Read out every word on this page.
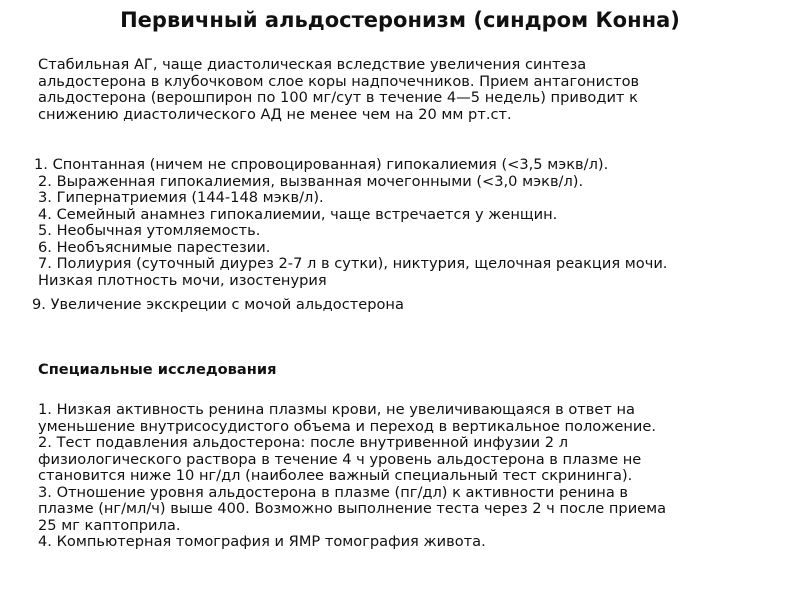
Первичный альдостеронизм (синдром Конна)
Стабильная АГ, чаще диастолическая вследствие увеличения синтеза
альдостерона в клубочковом слое коры надпочечников. Прием антагонистов
альдостерона (верошпирон по 100 мг/сут в течение 4—5 недель) приводит к
снижению диастолического АД не менее чем на 20 мм рт.ст.
1. Спонтанная (ничем не спровоцированная) гипокалиемия (<3,5 мэкв/л).
2. Выраженная гипокалиемия, вызванная мочегонными (<3,0 мэкв/л).
3. Гипернатриемия (144-148 мэкв/л).
4. Семейный анамнез гипокалиемии, чаще встречается у женщин.
5. Необычная утомляемость.
6. Необъяснимые парестезии.
7. Полиурия (суточный диурез 2-7 л в сутки), никтурия, щелочная реакция мочи.
Низкая плотность мочи, изостенурия
9. Увеличение экскреции с мочой альдостерона
Специальные исследования
1. Низкая активность ренина плазмы крови, не увеличивающаяся в ответ на
уменьшение внутрисосудистого объема и переход в вертикальное положение.
2. Тест подавления альдостерона: после внутривенной инфузии 2 л
физиологического раствора в течение 4 ч уровень альдостерона в плазме не
становится ниже 10 нг/дл (наиболее важный специальный тест скрининга).
3. Отношение уровня альдостерона в плазме (пг/дл) к активности ренина в
плазме (нг/мл/ч) выше 400. Возможно выполнение теста через 2 ч после приема
25 мг каптоприла.
4. Компьютерная томография и ЯМР томография живота.
